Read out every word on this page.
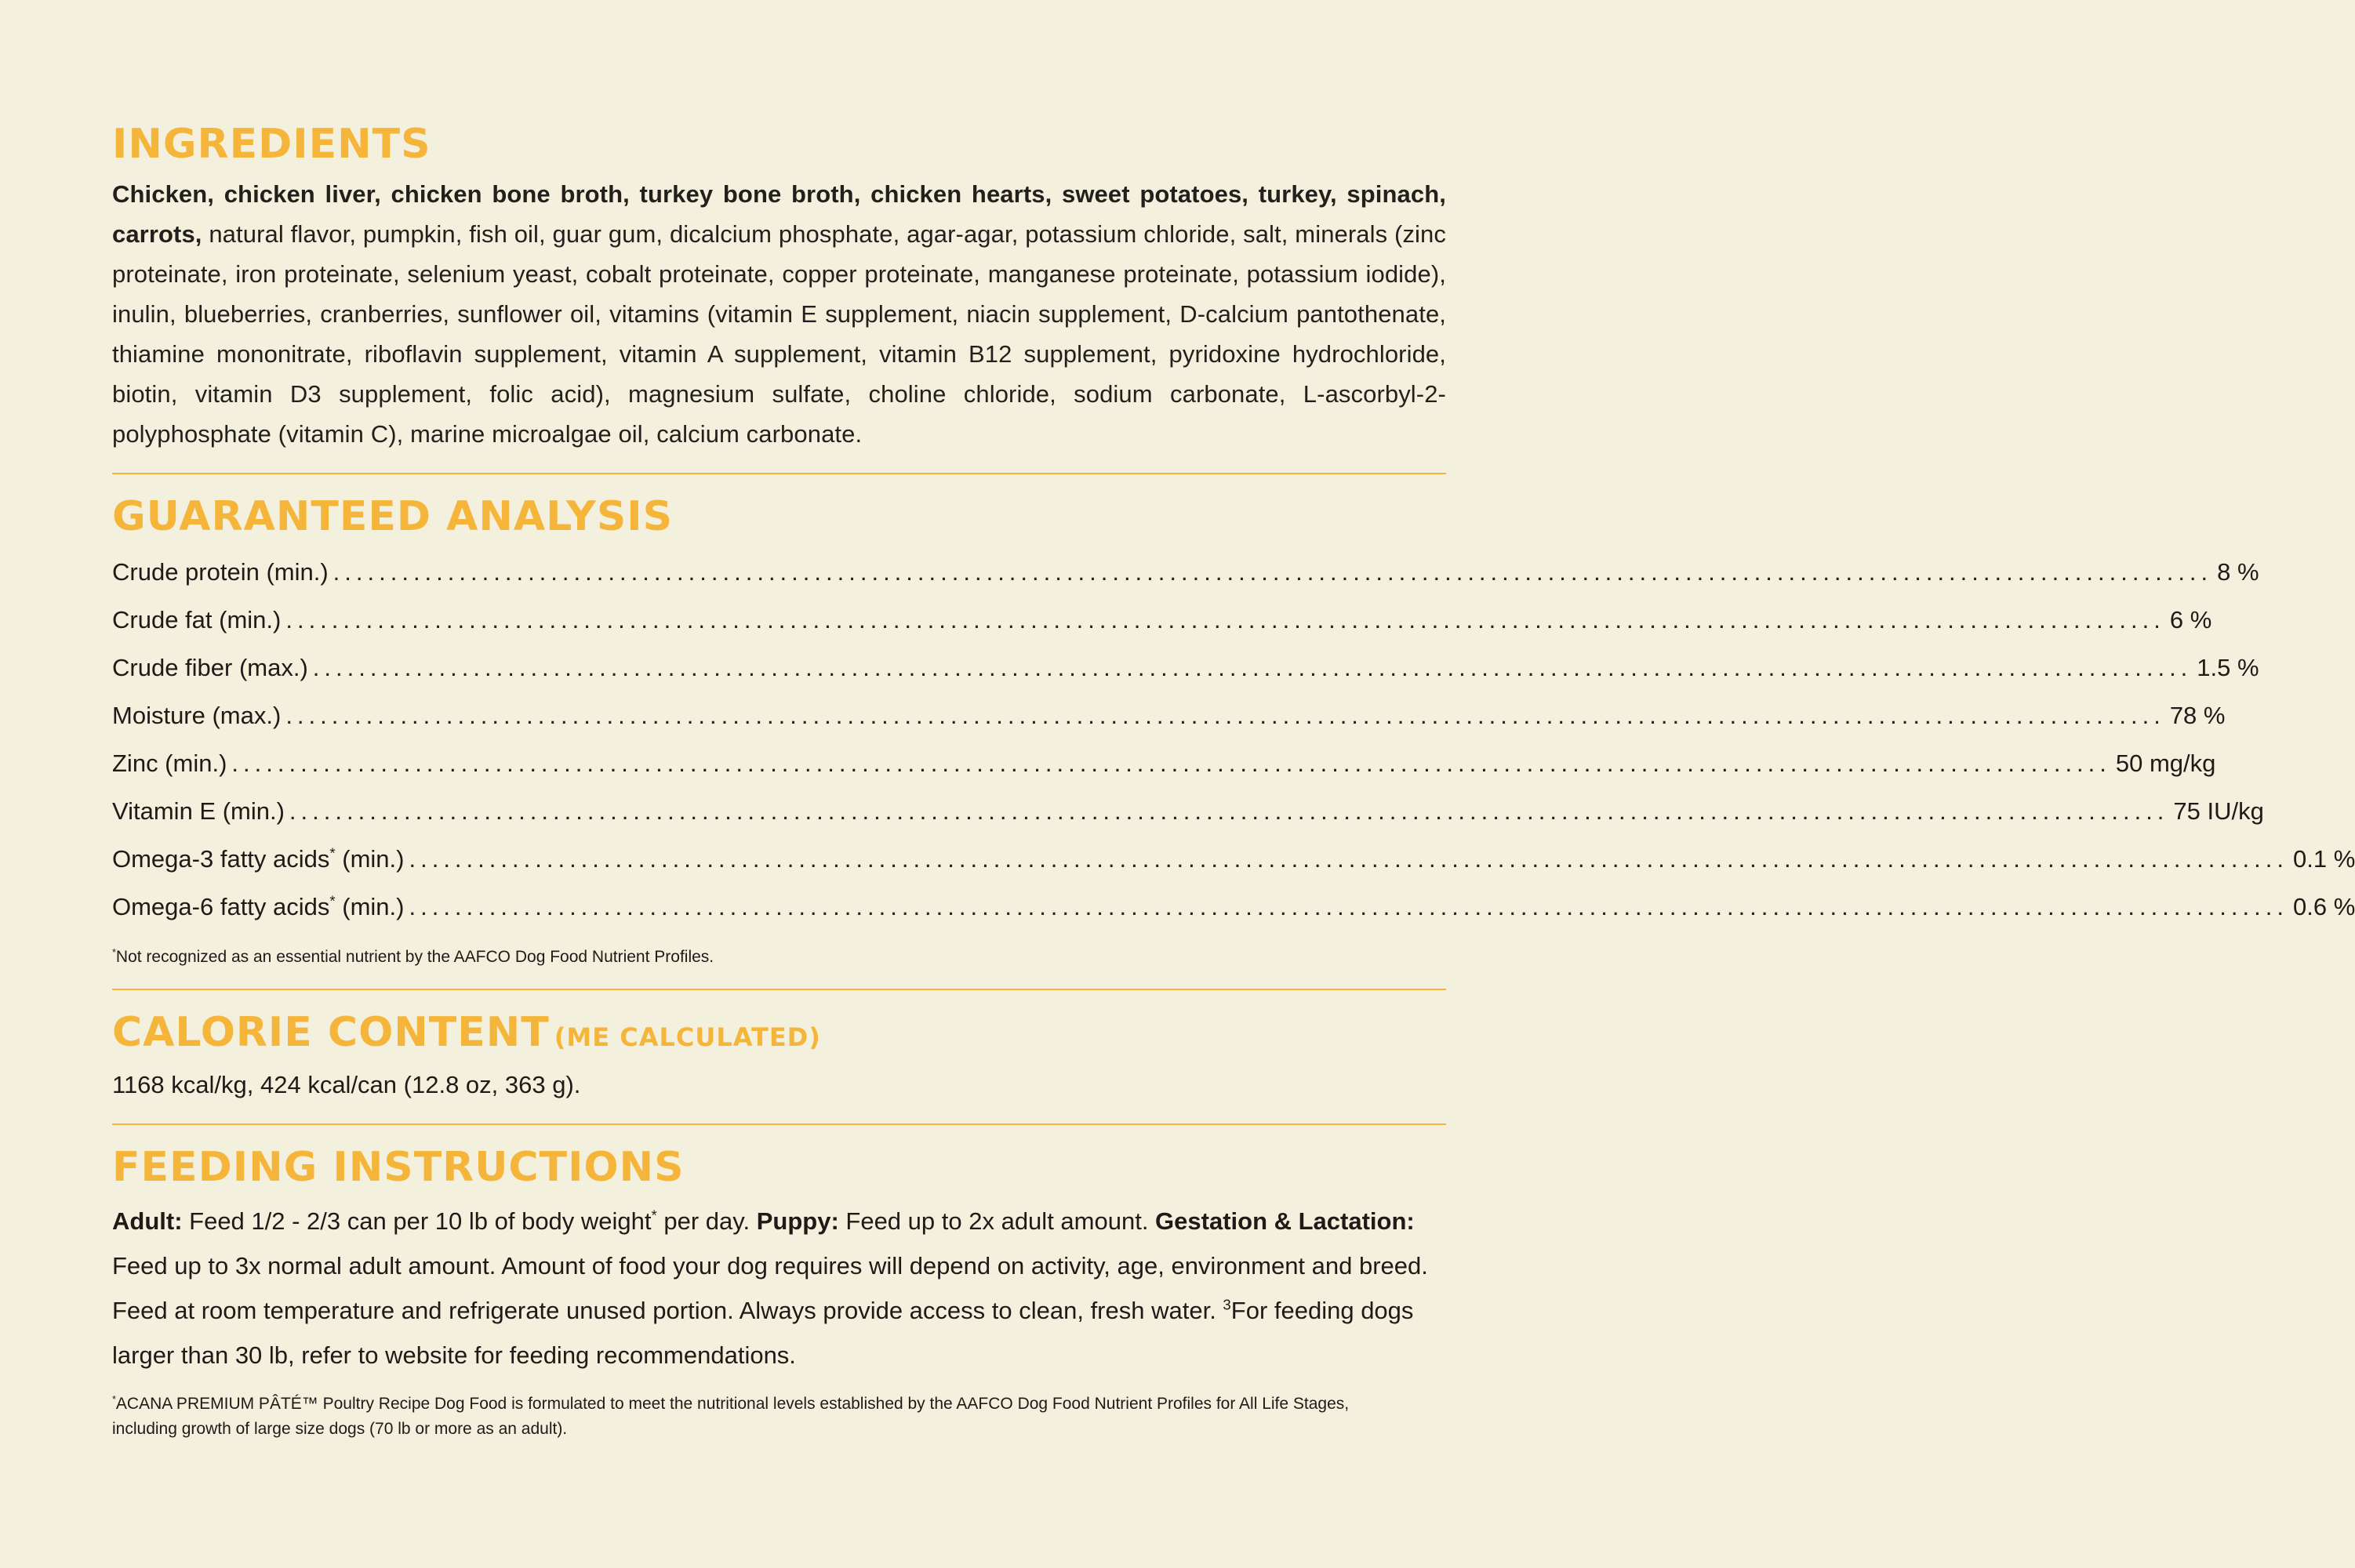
INGREDIENTS

Chicken, chicken liver, chicken bone broth, turkey bone broth, chicken hearts, sweet potatoes, turkey, spinach, carrots, natural flavor, pumpkin, fish oil, guar gum, dicalcium phosphate, agar-agar, potassium chloride, salt, minerals (zinc proteinate, iron proteinate, selenium yeast, cobalt proteinate, copper proteinate, manganese proteinate, potassium iodide), inulin, blueberries, cranberries, sunflower oil, vitamins (vitamin E supplement, niacin supplement, D-calcium pantothenate, thiamine mononitrate, riboflavin supplement, vitamin A supplement, vitamin B12 supplement, pyridoxine hydrochloride, biotin, vitamin D3 supplement, folic acid), magnesium sulfate, choline chloride, sodium carbonate, L-ascorbyl-2-polyphosphate (vitamin C), marine microalgae oil, calcium carbonate.

GUARANTEED ANALYSIS
Crude protein (min.) .................................................................................................................................................................... 8 %
Crude fat (min.) .................................................................................................................................................................... 6 %
Crude fiber (max.) .................................................................................................................................................................... 1.5 %
Moisture (max.) .................................................................................................................................................................... 78 %
Zinc (min.) .................................................................................................................................................................... 50 mg/kg
Vitamin E (min.) .................................................................................................................................................................... 75 IU/kg
Omega-3 fatty acids* (min.) .................................................................................................................................................................... 0.1 %
Omega-6 fatty acids* (min.) .................................................................................................................................................................... 0.6 %

*Not recognized as an essential nutrient by the AAFCO Dog Food Nutrient Profiles.

CALORIE CONTENT (ME CALCULATED)

1168 kcal/kg, 424 kcal/can (12.8 oz, 363 g).

FEEDING INSTRUCTIONS

Adult: Feed 1/2 - 2/3 can per 10 lb of body weight* per day. Puppy: Feed up to 2x adult amount. Gestation & Lactation: Feed up to 3x normal adult amount. Amount of food your dog requires will depend on activity, age, environment and breed. Feed at room temperature and refrigerate unused portion. Always provide access to clean, fresh water. $^3$For feeding dogs larger than 30 lb, refer to website for feeding recommendations.

*ACANA PREMIUM PÂTÉ™ Poultry Recipe Dog Food is formulated to meet the nutritional levels established by the AAFCO Dog Food Nutrient Profiles for All Life Stages, including growth of large size dogs (70 lb or more as an adult).
